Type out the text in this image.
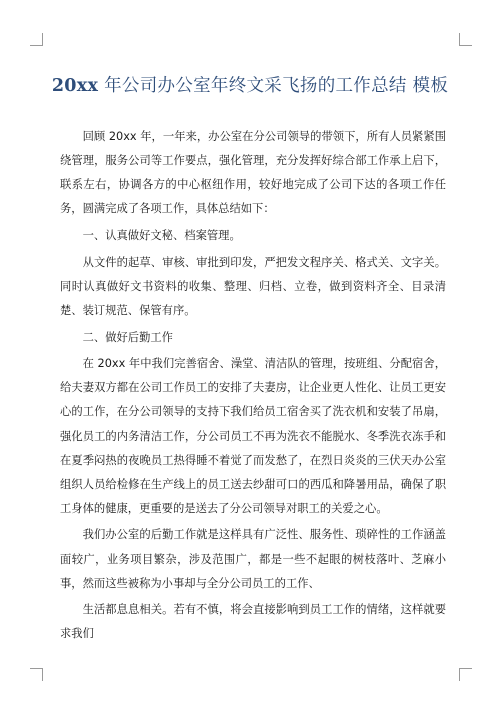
20xx 年公司办公室年终文采飞扬的工作总结 模板

回顾 20xx 年，一年来，办公室在分公司领导的带领下，所有人员紧紧围绕管理，服务公司等工作要点，强化管理，充分发挥好综合部工作承上启下，联系左右，协调各方的中心枢纽作用，较好地完成了公司下达的各项工作任务，圆满完成了各项工作，具体总结如下：

一、认真做好文秘、档案管理。

从文件的起草、审核、审批到印发，严把发文程序关、格式关、文字关。同时认真做好文书资料的收集、整理、归档、立卷，做到资料齐全、目录清楚、装订规范、保管有序。

二、做好后勤工作

在 20xx 年中我们完善宿舍、澡堂、清洁队的管理，按班组、分配宿舍，给夫妻双方都在公司工作员工的安排了夫妻房，让企业更人性化、让员工更安心的工作，在分公司领导的支持下我们给员工宿舍买了洗衣机和安装了吊扇，强化员工的内务清洁工作，分公司员工不再为洗衣不能脱水、冬季洗衣冻手和在夏季闷热的夜晚员工热得睡不着觉了而发愁了，在烈日炎炎的三伏天办公室组织人员给检修在生产线上的员工送去纱甜可口的西瓜和降暑用品，确保了职工身体的健康，更重要的是送去了分公司领导对职工的关爱之心。

我们办公室的后勤工作就是这样具有广泛性、服务性、琐碎性的工作涵盖面较广，业务项目繁杂，涉及范围广，都是一些不起眼的树枝落叶、芝麻小事，然而这些被称为小事却与全分公司员工的工作、

生活都息息相关。若有不慎，将会直接影响到员工工作的情绪，这样就要求我们
